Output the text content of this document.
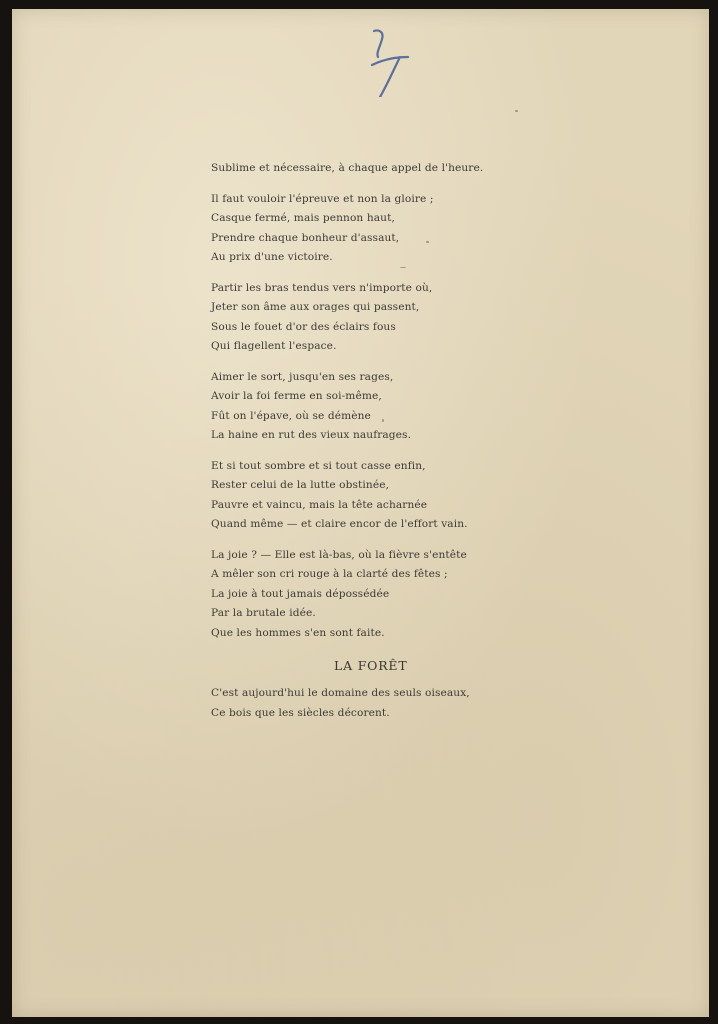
Sublime et nécessaire, à chaque appel de l'heure.
Il faut vouloir l'épreuve et non la gloire ;
Casque fermé, mais pennon haut,
Prendre chaque bonheur d'assaut,
Au prix d'une victoire.
Partir les bras tendus vers n'importe où,
Jeter son âme aux orages qui passent,
Sous le fouet d'or des éclairs fous
Qui flagellent l'espace.
Aimer le sort, jusqu'en ses rages,
Avoir la foi ferme en soi-même,
Fût on l'épave, où se démène
La haine en rut des vieux naufrages.
Et si tout sombre et si tout casse enfin,
Rester celui de la lutte obstinée,
Pauvre et vaincu, mais la tête acharnée
Quand même — et claire encor de l'effort vain.
La joie ? — Elle est là-bas, où la fièvre s'entête
A mêler son cri rouge à la clarté des fêtes ;
La joie à tout jamais dépossédée
Par la brutale idée.
Que les hommes s'en sont faite.
LA FORÊT
C'est aujourd'hui le domaine des seuls oiseaux,
Ce bois que les siècles décorent.
